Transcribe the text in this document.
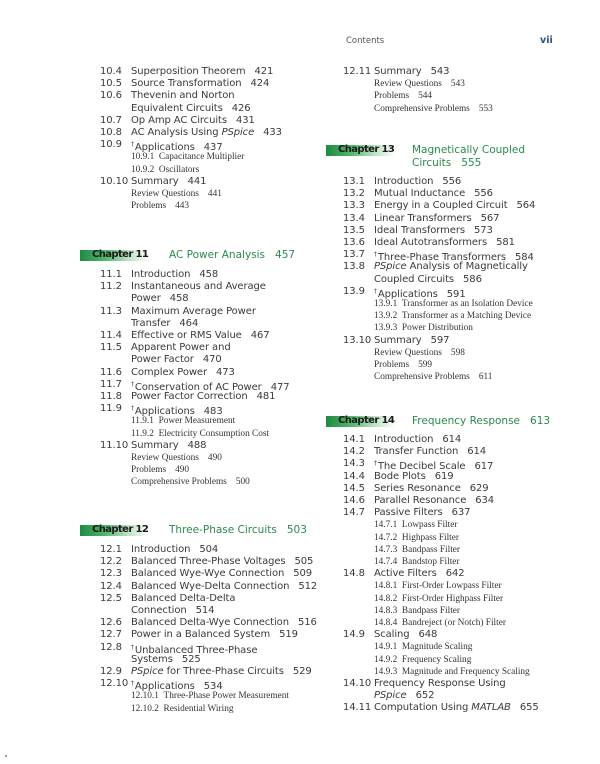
Contents	vii
10.4 Superposition Theorem 421
10.5 Source Transformation 424
10.6 Thevenin and Norton
Equivalent Circuits 426
10.7 Op Amp AC Circuits 431
10.8 AC Analysis Using PSpice 433
10.9	†Applications 437
10.9.1  Capacitance Multiplier
10.9.2  Oscillators
10.10 Summary 441
Review Questions 441
Problems 443
Chapter 11 AC Power Analysis 457
11.1 Introduction 458
11.2 Instantaneous and Average
Power 458
11.3 Maximum Average Power
Transfer 464
11.4 Effective or RMS Value 467
11.5 Apparent Power and
Power Factor 470
11.6 Complex Power 473
11.7	†Conservation of AC Power 477
11.8 Power Factor Correction 481
11.9	†Applications 483
11.9.1  Power Measurement
11.9.2  Electricity Consumption Cost
11.10 Summary 488
Review Questions 490
Problems 490
Comprehensive Problems 500
Chapter 12 Three-Phase Circuits 503
12.1 Introduction 504
12.2 Balanced Three-Phase Voltages 505
12.3 Balanced Wye-Wye Connection 509
12.4 Balanced Wye-Delta Connection 512
12.5 Balanced Delta-Delta
Connection 514
12.6 Balanced Delta-Wye Connection 516
12.7 Power in a Balanced System 519
12.8	†Unbalanced Three-Phase
Systems 525
12.9 PSpice for Three-Phase Circuits 529
12.10 †Applications 534
12.10.1  Three-Phase Power Measurement
12.10.2  Residential Wiring
12.11 Summary 543
Review Questions 543
Problems 544
Comprehensive Problems 553
Chapter 13 Magnetically Coupled
Circuits 555
13.1 Introduction 556
13.2 Mutual Inductance 556
13.3 Energy in a Coupled Circuit 564
13.4 Linear Transformers 567
13.5 Ideal Transformers 573
13.6 Ideal Autotransformers 581
13.7	†Three-Phase Transformers 584
13.8 PSpice Analysis of Magnetically
Coupled Circuits 586
13.9	†Applications 591
13.9.1  Transformer as an Isolation Device
13.9.2  Transformer as a Matching Device
13.9.3  Power Distribution
13.10 Summary 597
Review Questions 598
Problems 599
Comprehensive Problems 611
Chapter 14 Frequency Response 613
14.1 Introduction 614
14.2 Transfer Function 614
14.3	†The Decibel Scale 617
14.4 Bode Plots 619
14.5 Series Resonance 629
14.6 Parallel Resonance 634
14.7 Passive Filters 637
14.7.1  Lowpass Filter
14.7.2  Highpass Filter
14.7.3  Bandpass Filter
14.7.4  Bandstop Filter
14.8 Active Filters 642
14.8.1  First-Order Lowpass Filter
14.8.2  First-Order Highpass Filter
14.8.3  Bandpass Filter
14.8.4  Bandreject (or Notch) Filter
14.9 Scaling 648
14.9.1  Magnitude Scaling
14.9.2  Frequency Scaling
14.9.3  Magnitude and Frequency Scaling
14.10 Frequency Response Using
PSpice 652
14.11 Computation Using MATLAB 655
